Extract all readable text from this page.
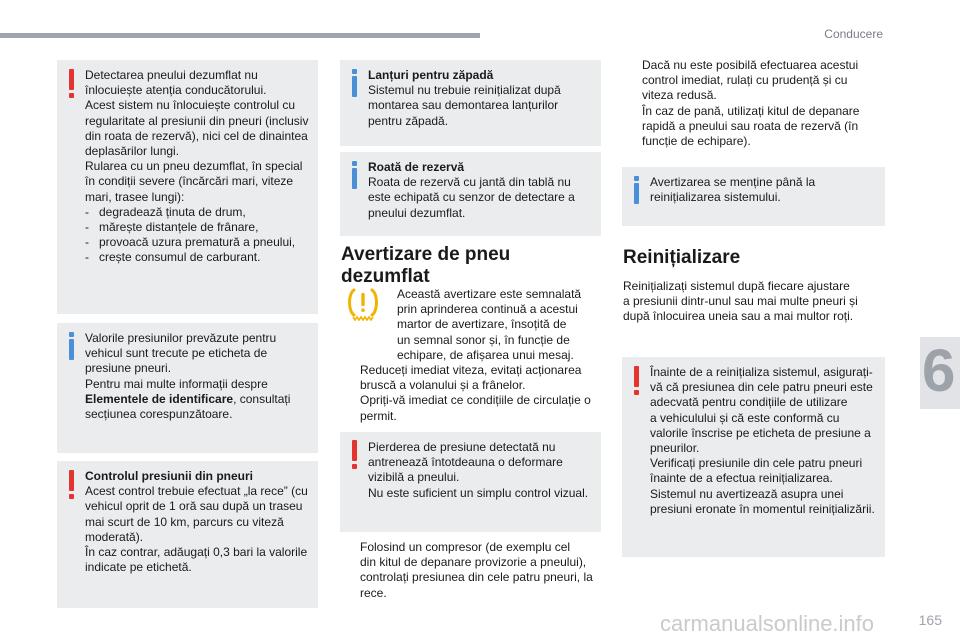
Conducere
6
Detectarea pneului dezumflat nu
înlocuiește atenția conducătorului.
Acest sistem nu înlocuiește controlul cu
regularitate al presiunii din pneuri (inclusiv
din roata de rezervă), nici cel de dinaintea
deplasărilor lungi.
Rularea cu un pneu dezumflat, în special
în condiții severe (încărcări mari, viteze
mari, trasee lungi):
-   degradează ținuta de drum,
-   mărește distanțele de frânare,
-   provoacă uzura prematură a pneului,
-   crește consumul de carburant.
Valorile presiunilor prevăzute pentru
vehicul sunt trecute pe eticheta de
presiune pneuri.
Pentru mai multe informații despre
Elementele de identificare, consultați
secțiunea corespunzătoare.
Controlul presiunii din pneuri
Acest control trebuie efectuat „la rece” (cu
vehicul oprit de 1 oră sau după un traseu
mai scurt de 10 km, parcurs cu viteză
moderată).
În caz contrar, adăugați 0,3 bari la valorile
indicate pe etichetă.
Lanțuri pentru zăpadă
Sistemul nu trebuie reinițializat după
montarea sau demontarea lanțurilor
pentru zăpadă.
Roată de rezervă
Roata de rezervă cu jantă din tablă nu
este echipată cu senzor de detectare a
pneului dezumflat.
Avertizare de pneu
dezumflat
Această avertizare este semnalată
prin aprinderea continuă a acestui
martor de avertizare, însoțită de
un semnal sonor și, în funcție de
echipare, de afișarea unui mesaj.
Reduceți imediat viteza, evitați acționarea
bruscă a volanului și a frânelor.
Opriți-vă imediat ce condițiile de circulație o
permit.
Pierderea de presiune detectată nu
antrenează întotdeauna o deformare
vizibilă a pneului.
Nu este suficient un simplu control vizual.
Folosind un compresor (de exemplu cel
din kitul de depanare provizorie a pneului),
controlați presiunea din cele patru pneuri, la
rece.
Dacă nu este posibilă efectuarea acestui
control imediat, rulați cu prudență și cu
viteza redusă.
În caz de pană, utilizați kitul de depanare
rapidă a pneului sau roata de rezervă (în
funcție de echipare).
Avertizarea se menține până la
reinițializarea sistemului.
Reinițializare
Reinițializați sistemul după fiecare ajustare
a presiunii dintr-unul sau mai multe pneuri și
după înlocuirea uneia sau a mai multor roți.
Înainte de a reinițializa sistemul, asigurați-
vă că presiunea din cele patru pneuri este
adecvată pentru condițiile de utilizare
a vehiculului și că este conformă cu
valorile înscrise pe eticheta de presiune a
pneurilor.
Verificați presiunile din cele patru pneuri
înainte de a efectua reinițializarea.
Sistemul nu avertizează asupra unei
presiuni eronate în momentul reinițializării.
carmanualsonline.info	165
